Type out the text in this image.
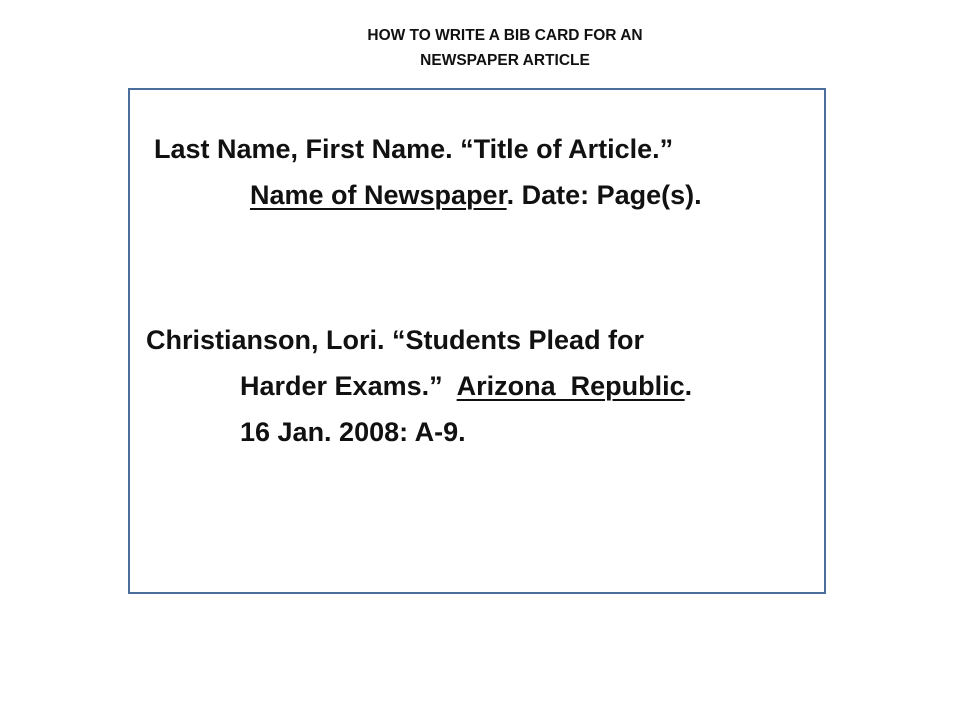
HOW TO WRITE A BIB CARD FOR AN
NEWSPAPER ARTICLE
Last Name, First Name. “Title of Article.”
Name of Newspaper. Date: Page(s).
Christianson, Lori. “Students Plead for
Harder Exams.”  Arizona  Republic.
16 Jan. 2008: A-9.
